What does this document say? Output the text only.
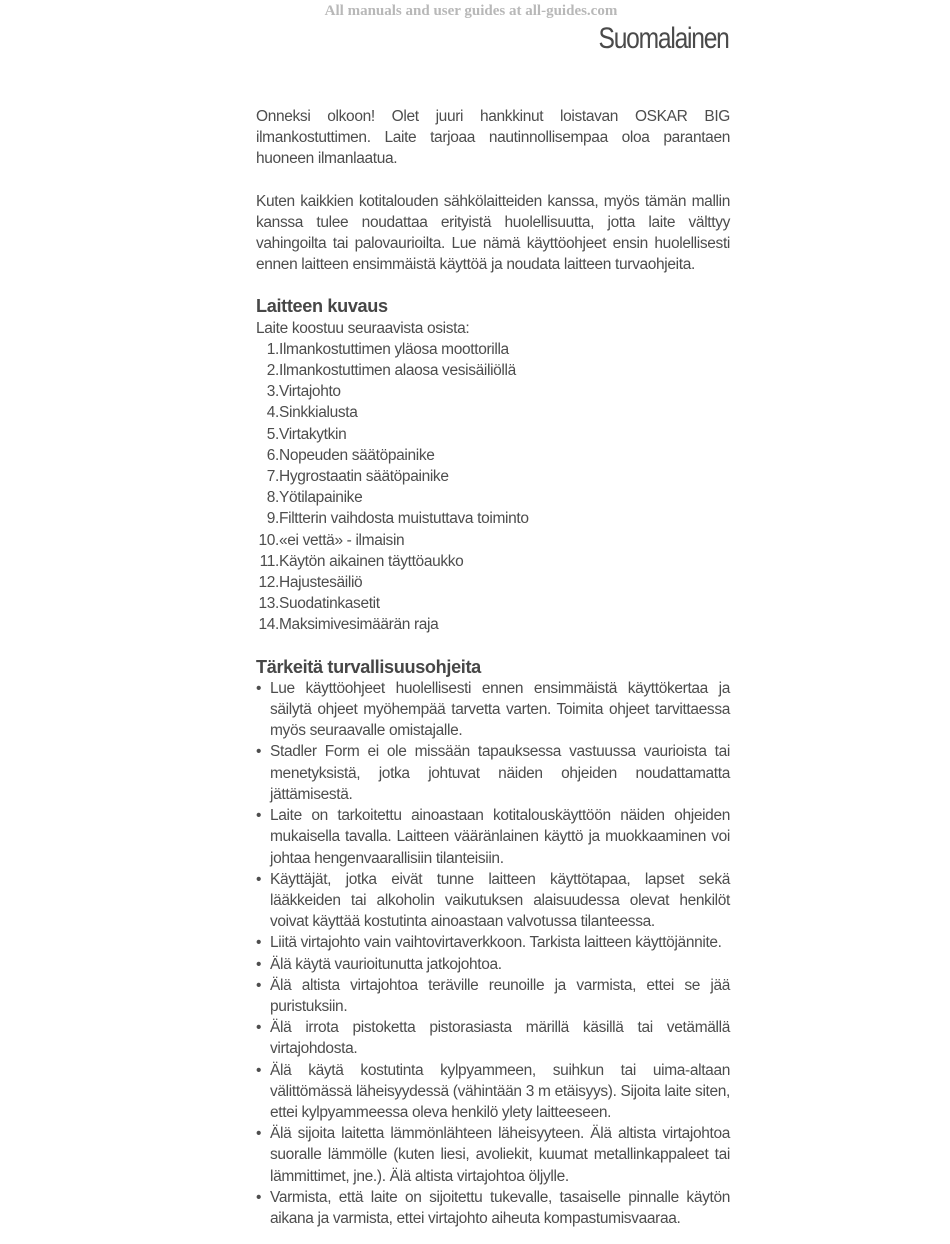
All manuals and user guides at all-guides.com
Suomalainen

Onneksi olkoon! Olet juuri hankkinut loistavan OSKAR BIG ilmankostuttimen. Laite tarjoaa nautinnollisempaa oloa parantaen huoneen ilmanlaatua.

Kuten kaikkien kotitalouden sähkölaitteiden kanssa, myös tämän mallin kanssa tulee noudattaa erityistä huolellisuutta, jotta laite välttyy vahingoilta tai palovaurioilta. Lue nämä käyttöohjeet ensin huolellisesti ennen laitteen ensimmäistä käyttöä ja noudata laitteen turvaohjeita.

Laitteen kuvaus

Laite koostuu seuraavista osista:

1. Ilmankostuttimen yläosa moottorilla
2. Ilmankostuttimen alaosa vesisäiliöllä
3. Virtajohto
4. Sinkkialusta
5. Virtakytkin
6. Nopeuden säätöpainike
7. Hygrostaatin säätöpainike
8. Yötilapainike
9. Filtterin vaihdosta muistuttava toiminto
10. «ei vettä» - ilmaisin
11. Käytön aikainen täyttöaukko
12. Hajustesäiliö
13. Suodatinkasetit
14. Maksimivesimäärän raja
Tärkeitä turvallisuusohjeita
• Lue käyttöohjeet huolellisesti ennen ensimmäistä käyttökertaa ja säilytä ohjeet myöhempää tarvetta varten. Toimita ohjeet tarvittaessa myös seuraavalle omistajalle.
• Stadler Form ei ole missään tapauksessa vastuussa vaurioista tai menetyksistä, jotka johtuvat näiden ohjeiden noudattamatta jättämisestä.
• Laite on tarkoitettu ainoastaan kotitalouskäyttöön näiden ohjeiden mukaisella tavalla. Laitteen vääränlainen käyttö ja muokkaaminen voi johtaa hengenvaarallisiin tilanteisiin.
• Käyttäjät, jotka eivät tunne laitteen käyttötapaa, lapset sekä lääkkeiden tai alkoholin vaikutuksen alaisuudessa olevat henkilöt voivat käyttää kostutinta ainoastaan valvotussa tilanteessa.
• Liitä virtajohto vain vaihtovirtaverkkoon. Tarkista laitteen käyttöjännite.
• Älä käytä vaurioitunutta jatkojohtoa.
• Älä altista virtajohtoa teräville reunoille ja varmista, ettei se jää puristuksiin.
• Älä irrota pistoketta pistorasiasta märillä käsillä tai vetämällä virtajohdosta.
• Älä käytä kostutinta kylpyammeen, suihkun tai uima-altaan välittömässä läheisyydessä (vähintään 3 m etäisyys). Sijoita laite siten, ettei kylpyammeessa oleva henkilö ylety laitteeseen.
• Älä sijoita laitetta lämmönlähteen läheisyyteen. Älä altista virtajohtoa suoralle lämmölle (kuten liesi, avoliekit, kuumat metallinkappaleet tai lämmittimet, jne.). Älä altista virtajohtoa öljylle.
• Varmista, että laite on sijoitettu tukevalle, tasaiselle pinnalle käytön aikana ja varmista, ettei virtajohto aiheuta kompastumisvaaraa.
